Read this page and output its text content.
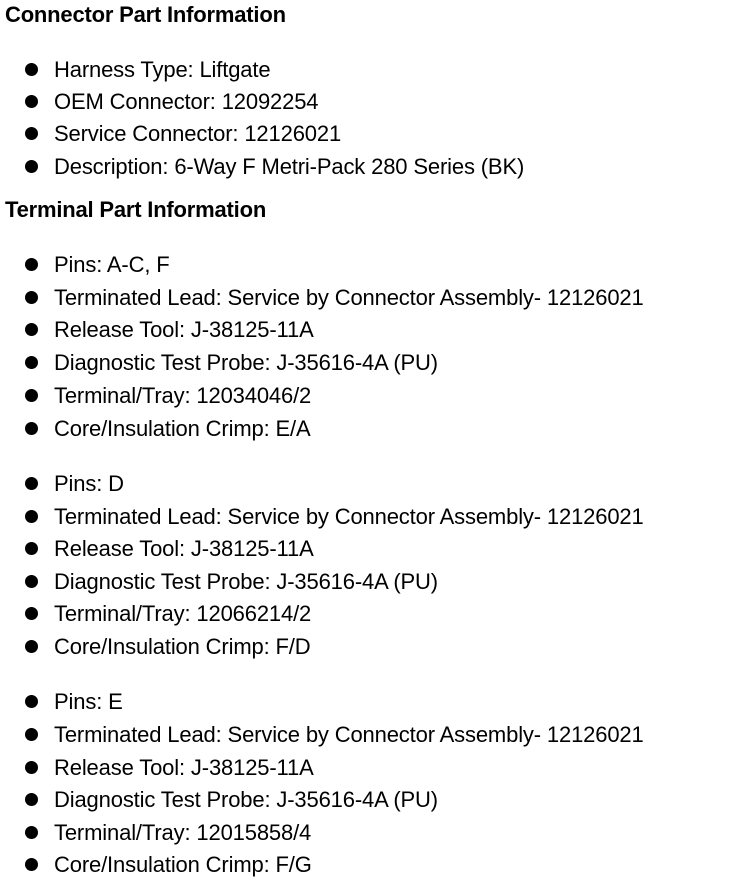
Connector Part Information
Harness Type: Liftgate
OEM Connector: 12092254
Service Connector: 12126021
Description: 6-Way F Metri-Pack 280 Series (BK)
Terminal Part Information
Pins: A-C, F
Terminated Lead: Service by Connector Assembly- 12126021
Release Tool: J-38125-11A
Diagnostic Test Probe: J-35616-4A (PU)
Terminal/Tray: 12034046/2
Core/Insulation Crimp: E/A
Pins: D
Terminated Lead: Service by Connector Assembly- 12126021
Release Tool: J-38125-11A
Diagnostic Test Probe: J-35616-4A (PU)
Terminal/Tray: 12066214/2
Core/Insulation Crimp: F/D
Pins: E
Terminated Lead: Service by Connector Assembly- 12126021
Release Tool: J-38125-11A
Diagnostic Test Probe: J-35616-4A (PU)
Terminal/Tray: 12015858/4
Core/Insulation Crimp: F/G
